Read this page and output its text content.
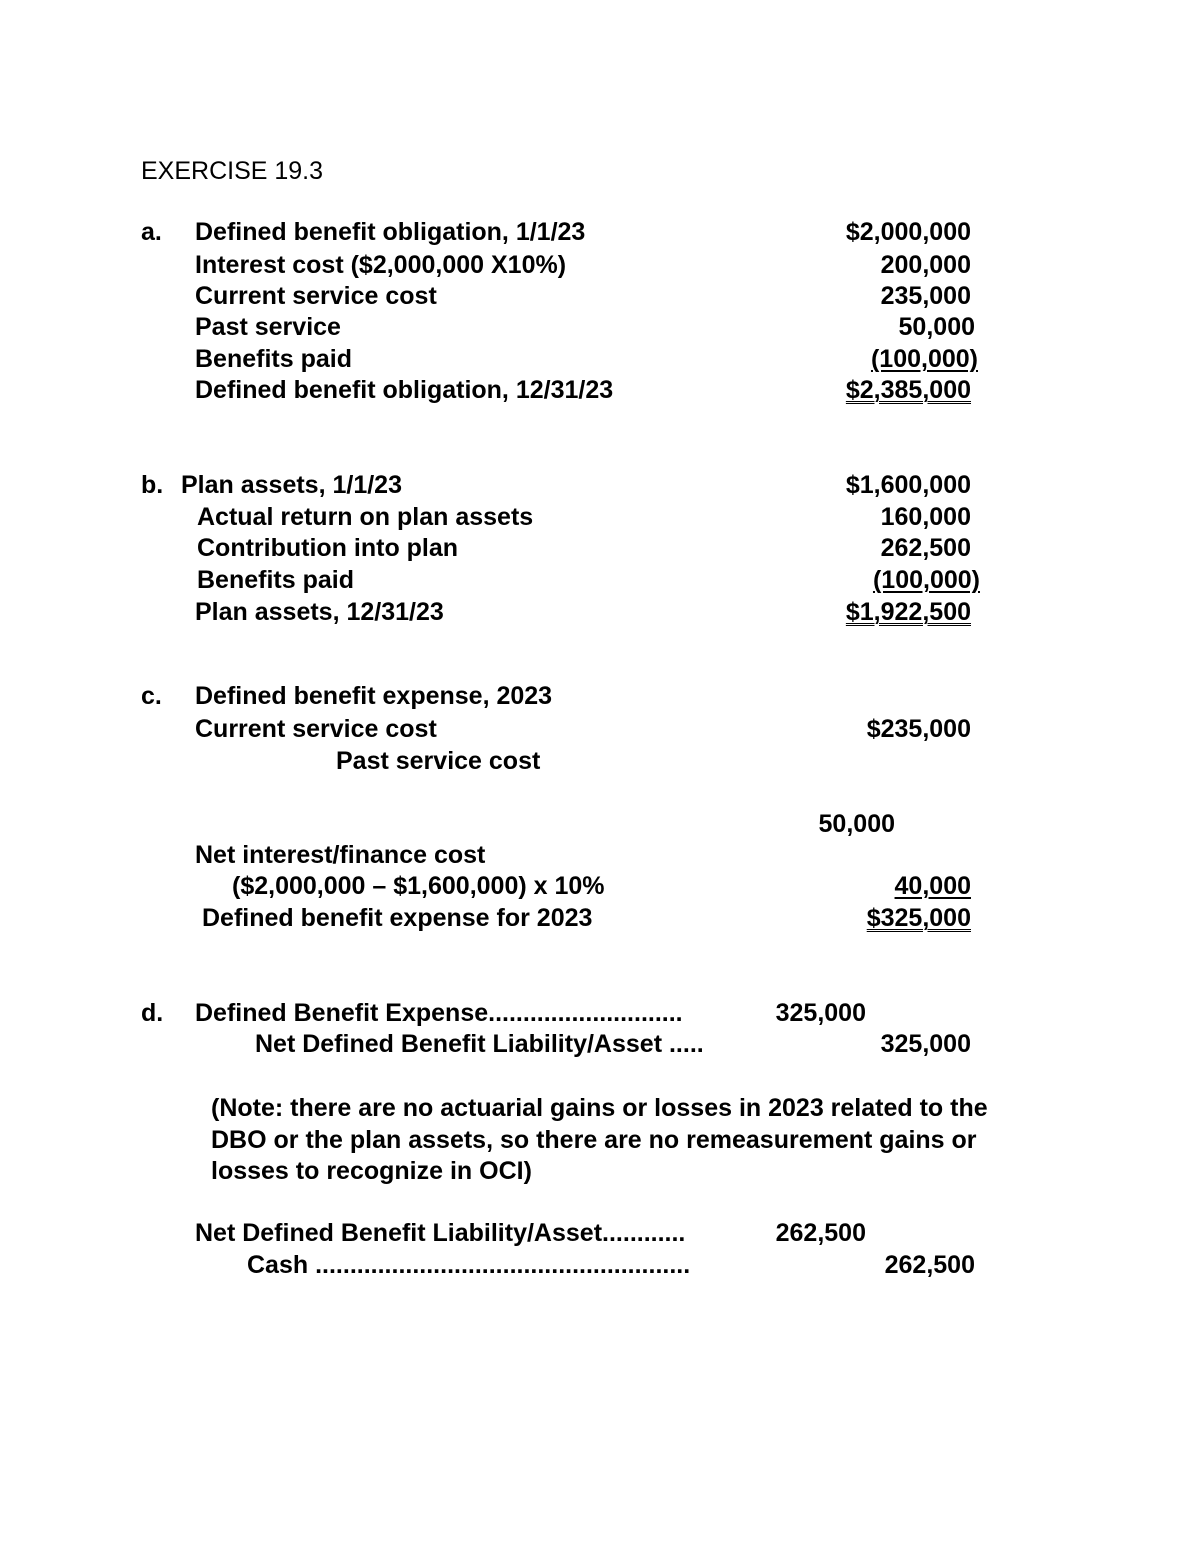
EXERCISE 19.3
a. Defined benefit obligation, 1/1/23	$2,000,000
Interest cost ($2,000,000 X10%)	200,000
Current service cost	235,000
Past service	50,000
Benefits paid	(100,000)
Defined benefit obligation, 12/31/23	$2,385,000
b. Plan assets, 1/1/23	$1,600,000
Actual return on plan assets	160,000
Contribution into plan	262,500
Benefits paid	(100,000)
Plan assets, 12/31/23	$1,922,500
c. Defined benefit expense, 2023
Current service cost	$235,000
Past service cost
50,000
Net interest/finance cost
($2,000,000 – $1,600,000) x 10%	40,000
Defined benefit expense for 2023	$325,000
d. Defined Benefit Expense............................	325,000
Net Defined Benefit Liability/Asset .....	325,000
(Note: there are no actuarial gains or losses in 2023 related to the
DBO or the plan assets, so there are no remeasurement gains or
losses to recognize in OCI)
Net Defined Benefit Liability/Asset............	262,500
Cash ......................................................	262,500
